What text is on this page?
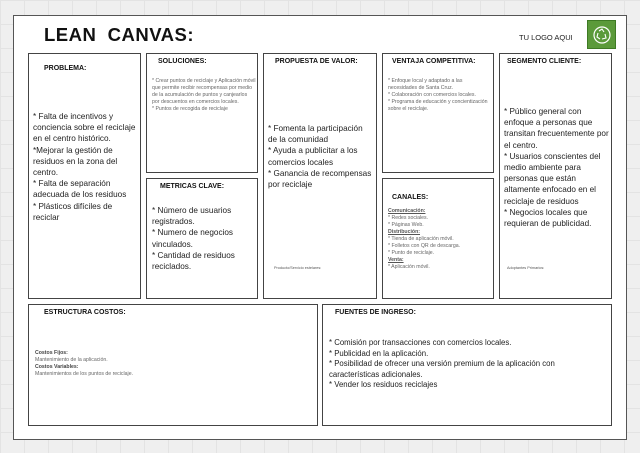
LEAN  CANVAS:	TU LOGO AQUI
PROBLEMA:

* Falta de incentivos y conciencia sobre el reciclaje en el centro histórico.

*Mejorar la gestión de residuos en la zona del centro.

* Falta de separación adecuada de los residuos

* Plásticos difíciles de reciclar

SOLUCIONES:

* Crear puntos de reciclaje y Aplicación móvil que permite recibir recompensas por medio de la acumulación de puntos y canjearlos por descuentos en comercios locales.

* Puntos de recogida de reciclaje

METRICAS CLAVE:

* Número de usuarios registrados.

* Numero de negocios vinculados.

* Cantidad de residuos reciclados.

PROPUESTA DE VALOR:

* Fomenta la participación de la comunidad

* Ayuda a publicitar a los comercios locales

* Ganancia de recompensas por reciclaje

Producto/Servicio estelares:
VENTAJA COMPETITIVA:

* Enfoque local y adaptado a las necesidades de Santa Cruz.

* Colaboración con comercios locales.

* Programa de educación y concientización sobre el reciclaje.

CANALES:

Comunicación:

* Redes sociales.

* Páginas Web.

Distribución:

* Tienda de aplicación móvil.

* Folletos con QR de descarga.

* Punto de reciclaje.

Venta:

* Aplicación móvil.

SEGMENTO CLIENTE:

* Público general con enfoque a personas que transitan frecuentemente por el centro.

* Usuarios conscientes del medio ambiente para personas que están altamente enfocado en el reciclaje de residuos

* Negocios locales que requieran de publicidad.

Adoptantes Primarios:
ESTRUCTURA COSTOS:

Costos Fijos:

Mantenimiento de la aplicación.

Costos Variables:

Mantenimientos de los puntos de reciclaje.

FUENTES DE INGRESO:

* Comisión por transacciones con comercios locales.

* Publicidad en la aplicación.

* Posibilidad de ofrecer una versión premium de la aplicación con características adicionales.

* Vender los residuos reciclajes
